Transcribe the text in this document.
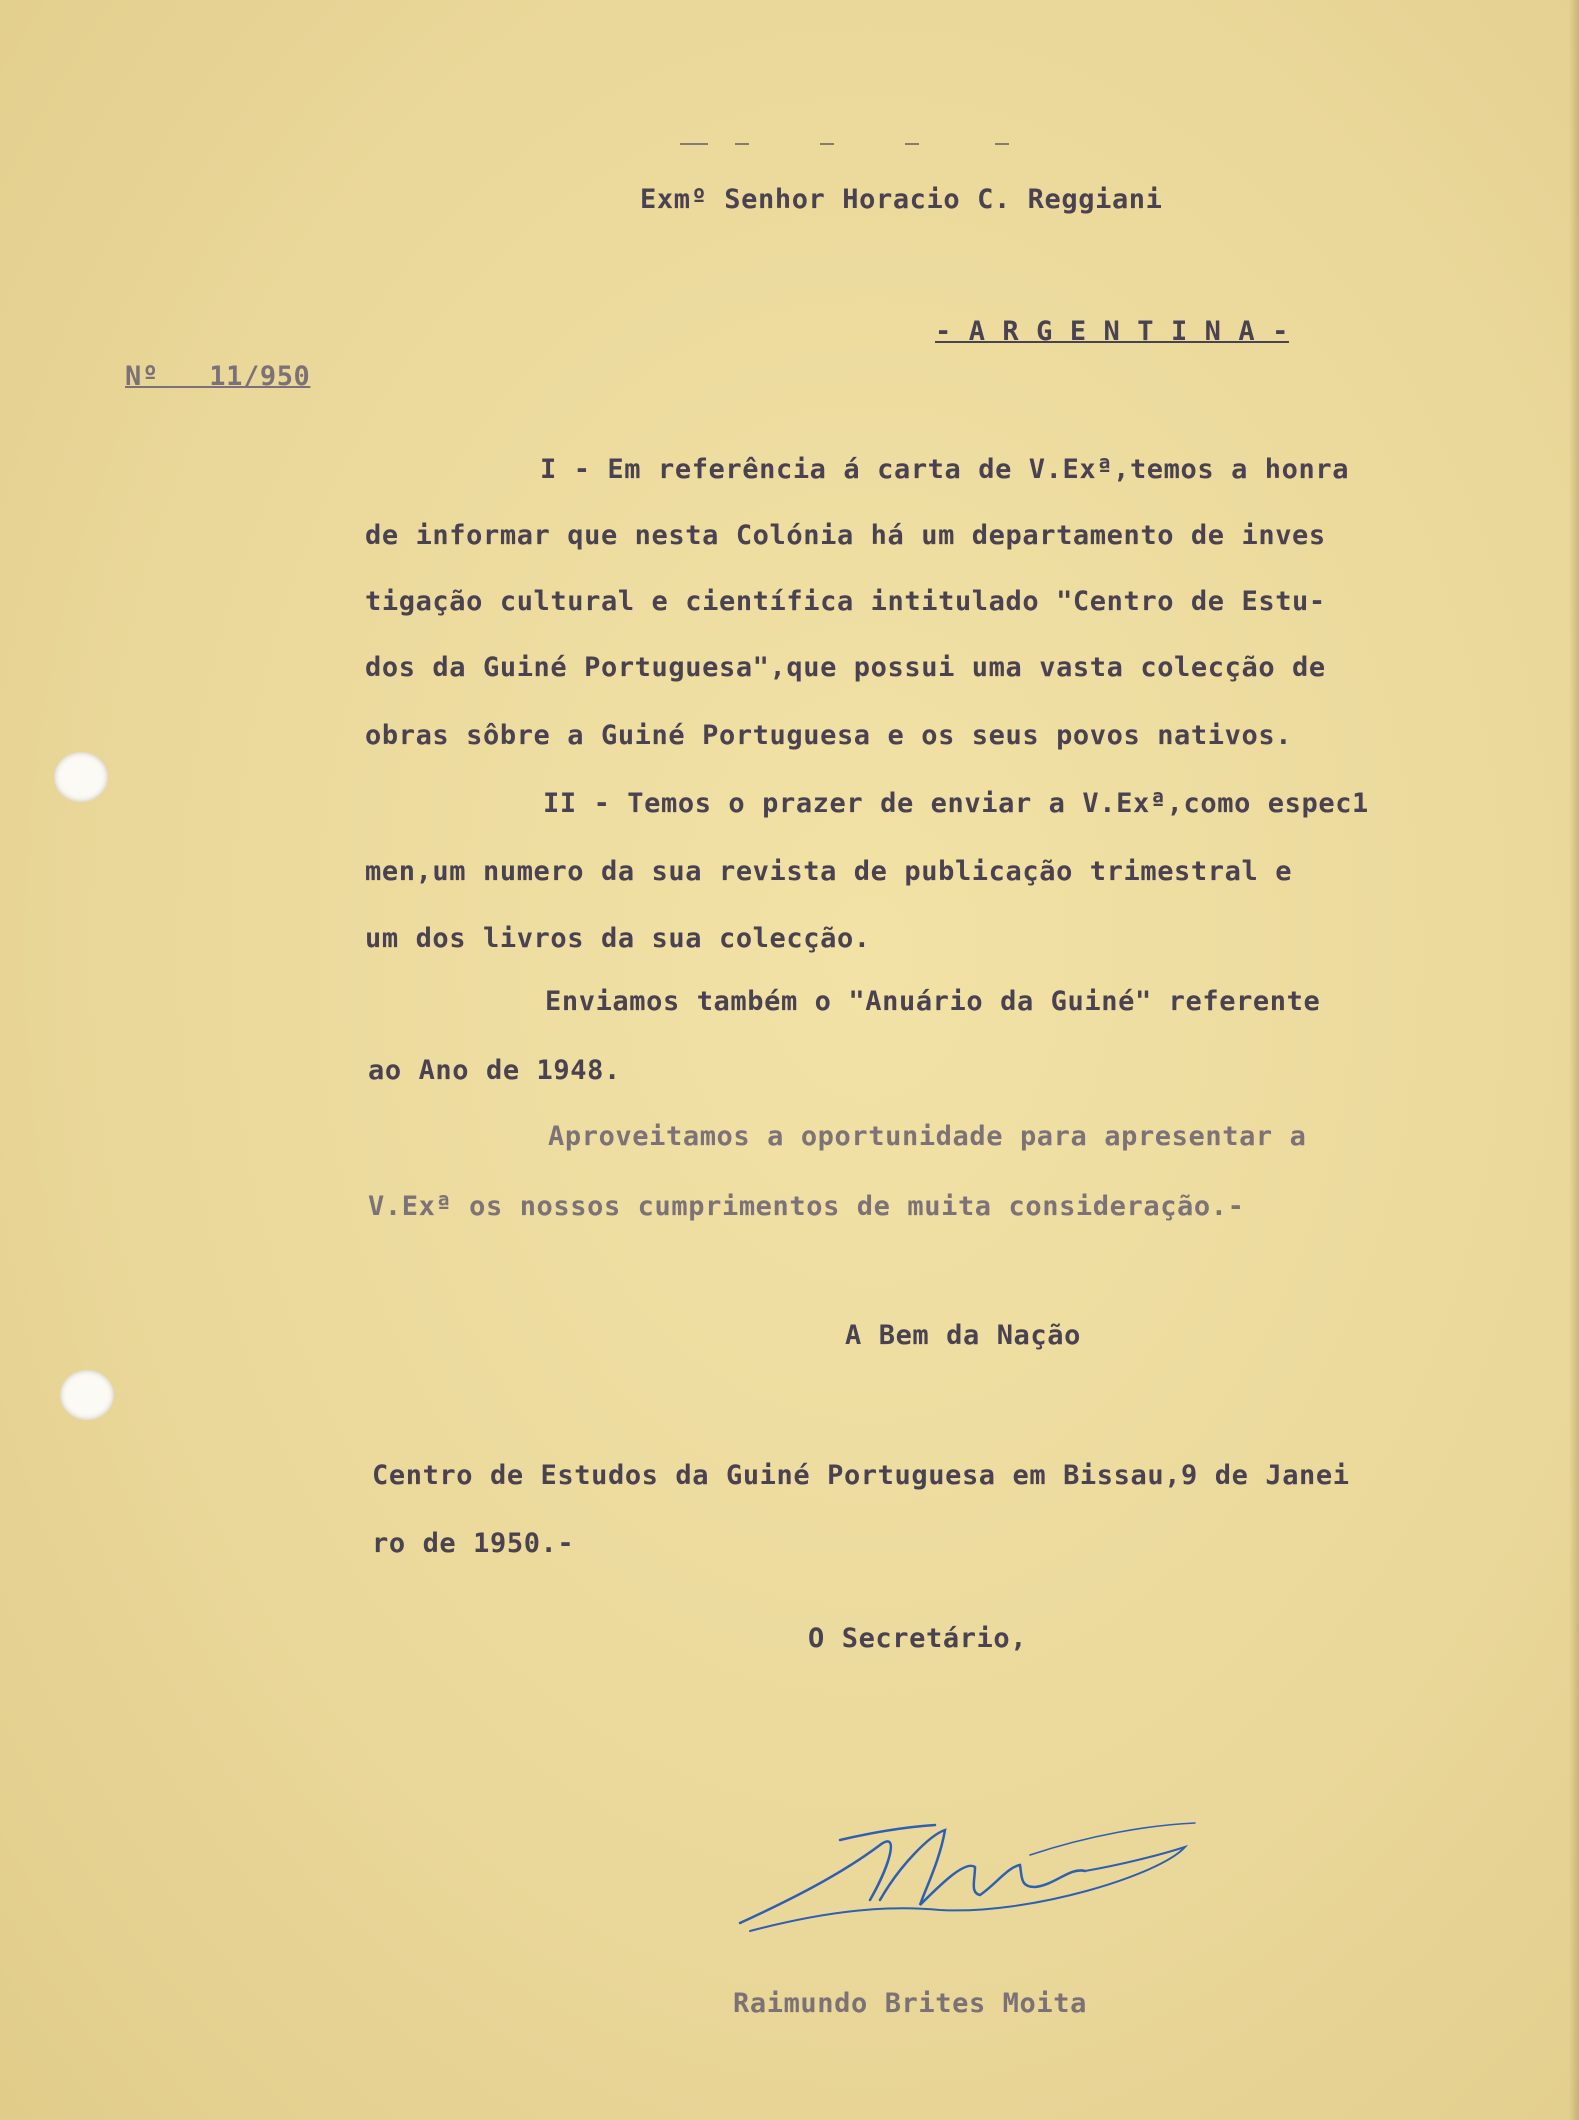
Exmº Senhor Horacio C. Reggiani
- A R G E N T I N A -
Nº   11/950
I - Em referência á carta de V.Exª,temos a honra
de informar que nesta Colónia há um departamento de inves
tigação cultural e científica intitulado "Centro de Estu-
dos da Guiné Portuguesa",que possui uma vasta colecção de
obras sôbre a Guiné Portuguesa e os seus povos nativos.
II - Temos o prazer de enviar a V.Exª,como espec1
men,um numero da sua revista de publicação trimestral e
um dos livros da sua colecção.
Enviamos também o "Anuário da Guiné" referente
ao Ano de 1948.
Aproveitamos a oportunidade para apresentar a
V.Exª os nossos cumprimentos de muita consideração.-
A Bem da Nação
Centro de Estudos da Guiné Portuguesa em Bissau,9 de Janei
ro de 1950.-
O Secretário,
Raimundo Brites Moita
